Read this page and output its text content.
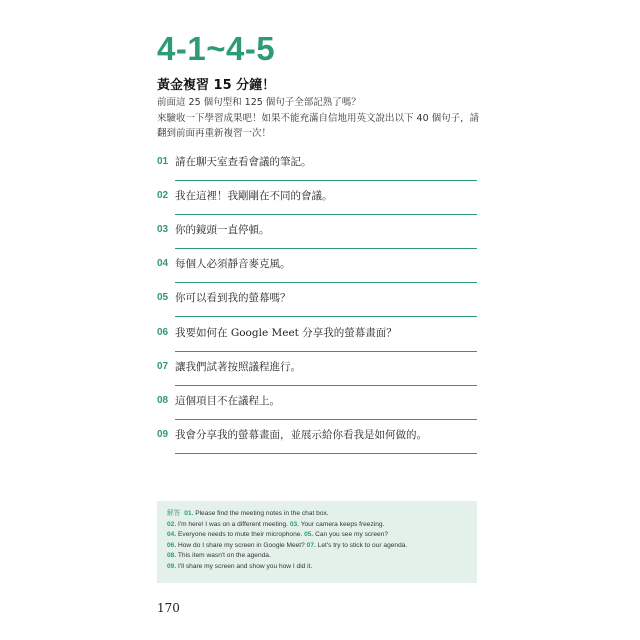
4-1~4-5
黃金複習 15 分鐘！
前面這 25 個句型和 125 個句子全部記熟了嗎？
來驗收一下學習成果吧！如果不能充滿自信地用英文說出以下 40 個句子，請
翻到前面再重新複習一次！
01 請在聊天室查看會議的筆記。
02 我在這裡！我剛剛在不同的會議。
03 你的鏡頭一直停頓。
04 每個人必須靜音麥克風。
05 你可以看到我的螢幕嗎？
06 我要如何在 Google Meet 分享我的螢幕畫面？
07 讓我們試著按照議程進行。
08 這個項目不在議程上。
09 我會分享我的螢幕畫面，並展示給你看我是如何做的。
解答 01. Please find the meeting notes in the chat box.
02. I'm here! I was on a different meeting. 03. Your camera keeps freezing.
04. Everyone needs to mute their microphone. 05. Can you see my screen?
06. How do I share my screen in Google Meet? 07. Let's try to stick to our agenda.
08. This item wasn't on the agenda.
09. I'll share my screen and show you how I did it.
170
